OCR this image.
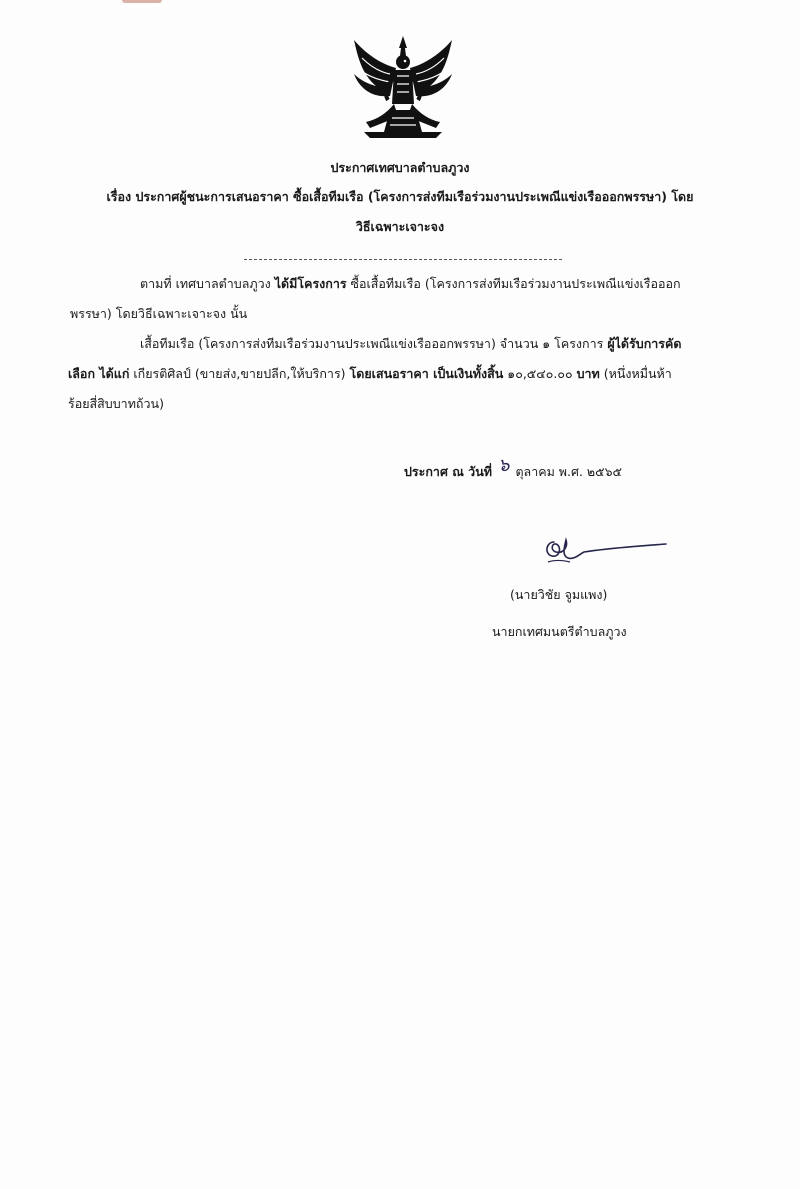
ประกาศเทศบาลตำบลภูวง
เรื่อง ประกาศผู้ชนะการเสนอราคา ซื้อเสื้อทีมเรือ (โครงการส่งทีมเรือร่วมงานประเพณีแข่งเรือออกพรรษา) โดย
วิธีเฉพาะเจาะจง
ตามที่ เทศบาลตำบลภูวง ได้มีโครงการ ซื้อเสื้อทีมเรือ (โครงการส่งทีมเรือร่วมงานประเพณีแข่งเรือออก
พรรษา) โดยวิธีเฉพาะเจาะจง นั้น
เสื้อทีมเรือ (โครงการส่งทีมเรือร่วมงานประเพณีแข่งเรือออกพรรษา) จำนวน ๑ โครงการ ผู้ได้รับการคัด
เลือก ได้แก่ เกียรติศิลป์ (ขายส่ง,ขายปลีก,ให้บริการ) โดยเสนอราคา เป็นเงินทั้งสิ้น ๑๐,๕๔๐.๐๐ บาท (หนึ่งหมื่นห้า
ร้อยสี่สิบบาทถ้วน)
ประกาศ ณ วันที่ ๖ ตุลาคม พ.ศ. ๒๕๖๕
(นายวิชัย จูมแพง)
นายกเทศมนตรีตำบลภูวง
